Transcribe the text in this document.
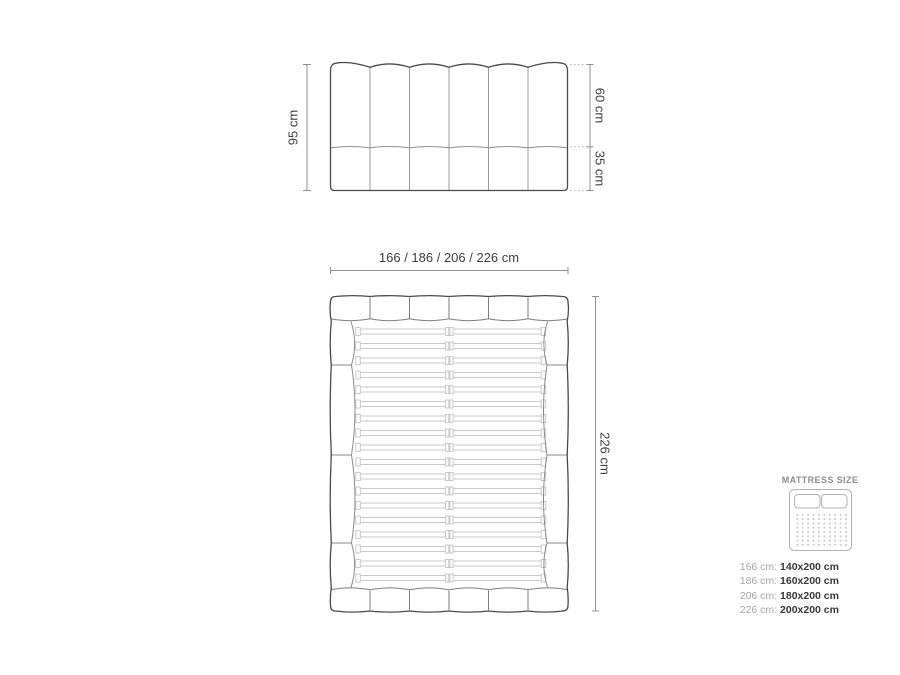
95 cm
60 cm
35 cm
166 / 186 / 206 / 226 cm
226 cm
MATTRESS SIZE
166 cm: 140x200 cm
186 cm: 160x200 cm
206 cm: 180x200 cm
226 cm: 200x200 cm
